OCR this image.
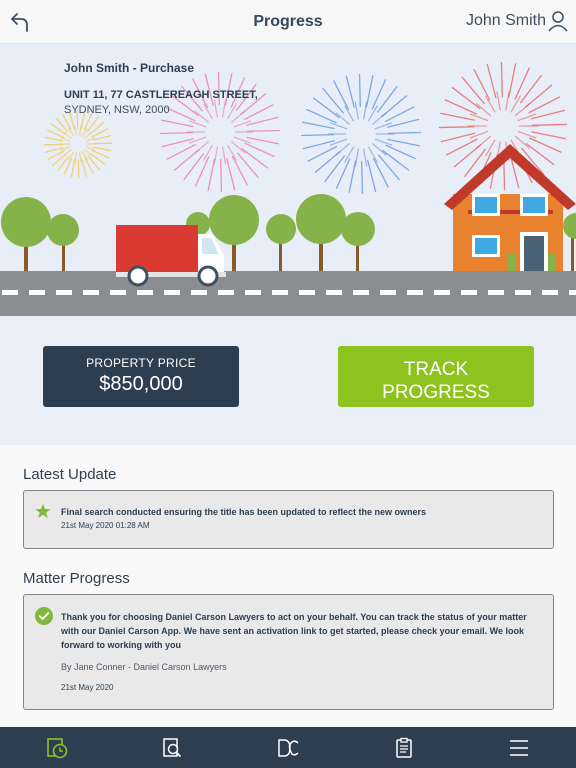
Progress	John Smith
John Smith - Purchase
UNIT 11, 77 CASTLEREAGH STREET,
SYDNEY, NSW, 2000
PROPERTY PRICE
$850,000
TRACK
PROGRESS
Latest Update
Final search conducted ensuring the title has been updated to reflect the new owners
21st May 2020 01:28 AM
Matter Progress
Thank you for choosing Daniel Carson Lawyers to act on your behalf. You can track the status of your matter with our Daniel Carson App. We have sent an activation link to get started, please check your email. We look forward to working with you
By Jane Conner - Daniel Carson Lawyers
21st May 2020
